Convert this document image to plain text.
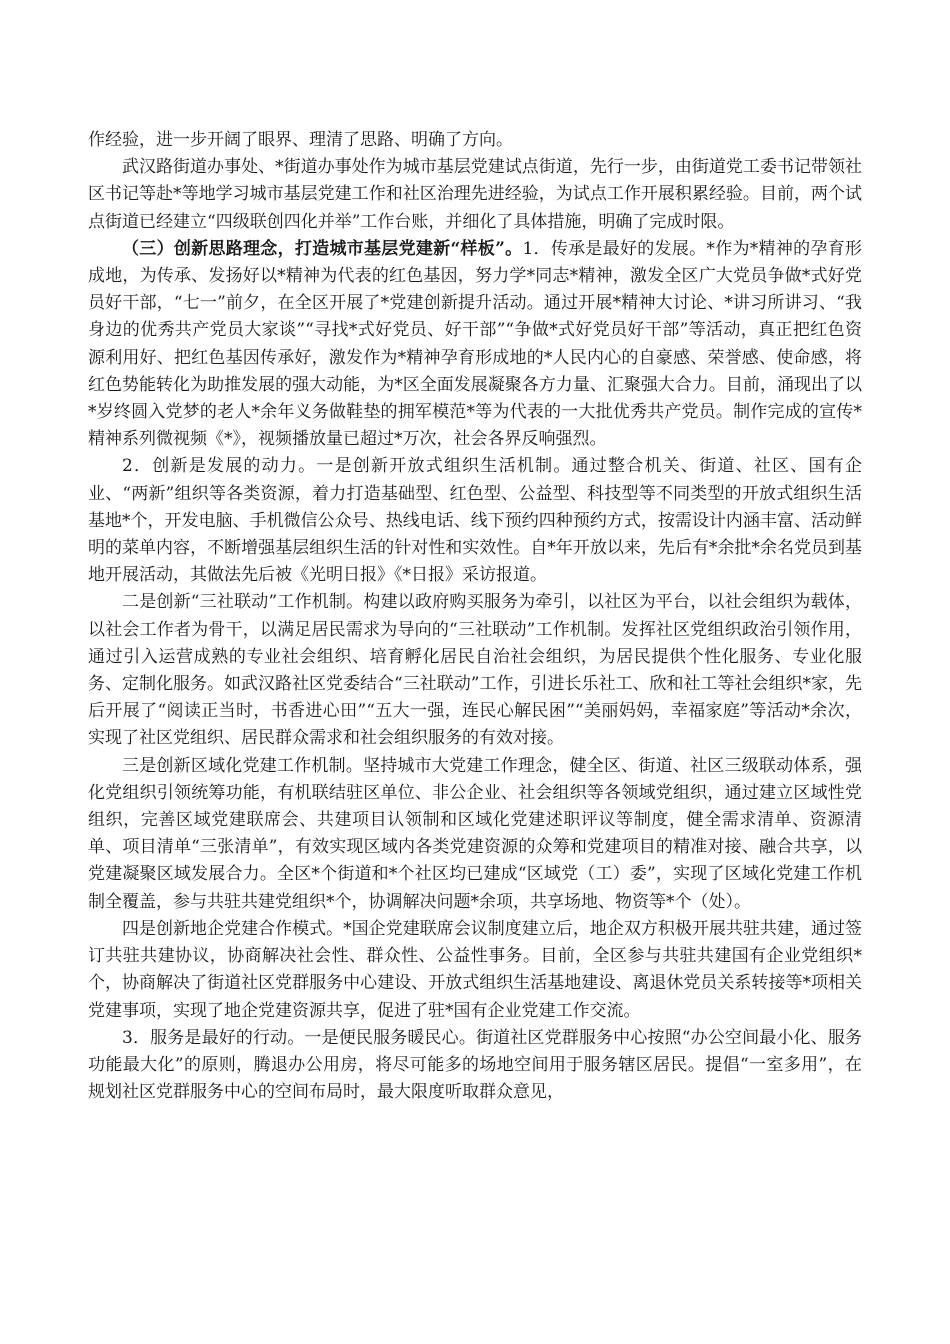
作经验，进一步开阔了眼界、理清了思路、明确了方向。

武汉路街道办事处、*街道办事处作为城市基层党建试点街道，先行一步，由街道党工委书记带领社区书记等赴*等地学习城市基层党建工作和社区治理先进经验，为试点工作开展积累经验。目前，两个试点街道已经建立“四级联创四化并举”工作台账，并细化了具体措施，明确了完成时限。

（三）创新思路理念，打造城市基层党建新“样板”。1．传承是最好的发展。*作为*精神的孕育形成地，为传承、发扬好以*精神为代表的红色基因，努力学*同志*精神，激发全区广大党员争做*式好党员好干部，“七一”前夕，在全区开展了*党建创新提升活动。通过开展*精神大讨论、*讲习所讲习、“我身边的优秀共产党员大家谈”“寻找*式好党员、好干部”“争做*式好党员好干部”等活动，真正把红色资源利用好、把红色基因传承好，激发作为*精神孕育形成地的*人民内心的自豪感、荣誉感、使命感，将红色势能转化为助推发展的强大动能，为*区全面发展凝聚各方力量、汇聚强大合力。目前，涌现出了以*岁终圆入党梦的老人*余年义务做鞋垫的拥军模范*等为代表的一大批优秀共产党员。制作完成的宣传*精神系列微视频《*》，视频播放量已超过*万次，社会各界反响强烈。

2．创新是发展的动力。一是创新开放式组织生活机制。通过整合机关、街道、社区、国有企业、“两新”组织等各类资源，着力打造基础型、红色型、公益型、科技型等不同类型的开放式组织生活基地*个，开发电脑、手机微信公众号、热线电话、线下预约四种预约方式，按需设计内涵丰富、活动鲜明的菜单内容，不断增强基层组织生活的针对性和实效性。自*年开放以来，先后有*余批*余名党员到基地开展活动，其做法先后被《光明日报》《*日报》采访报道。

二是创新“三社联动”工作机制。构建以政府购买服务为牵引，以社区为平台，以社会组织为载体，以社会工作者为骨干，以满足居民需求为导向的“三社联动”工作机制。发挥社区党组织政治引领作用，通过引入运营成熟的专业社会组织、培育孵化居民自治社会组织，为居民提供个性化服务、专业化服务、定制化服务。如武汉路社区党委结合“三社联动”工作，引进长乐社工、欣和社工等社会组织*家，先后开展了“阅读正当时，书香进心田”“五大一强，连民心解民困”“美丽妈妈，幸福家庭”等活动*余次，实现了社区党组织、居民群众需求和社会组织服务的有效对接。

三是创新区域化党建工作机制。坚持城市大党建工作理念，健全区、街道、社区三级联动体系，强化党组织引领统筹功能，有机联结驻区单位、非公企业、社会组织等各领域党组织，通过建立区域性党组织，完善区域党建联席会、共建项目认领制和区域化党建述职评议等制度，健全需求清单、资源清单、项目清单“三张清单”，有效实现区域内各类党建资源的众筹和党建项目的精准对接、融合共享，以党建凝聚区域发展合力。全区*个街道和*个社区均已建成“区域党（工）委”，实现了区域化党建工作机制全覆盖，参与共驻共建党组织*个，协调解决问题*余项，共享场地、物资等*个（处）。

四是创新地企党建合作模式。*国企党建联席会议制度建立后，地企双方积极开展共驻共建，通过签订共驻共建协议，协商解决社会性、群众性、公益性事务。目前，全区参与共驻共建国有企业党组织*个，协商解决了街道社区党群服务中心建设、开放式组织生活基地建设、离退休党员关系转接等*项相关党建事项，实现了地企党建资源共享，促进了驻*国有企业党建工作交流。

3．服务是最好的行动。一是便民服务暖民心。街道社区党群服务中心按照“办公空间最小化、服务功能最大化”的原则，腾退办公用房，将尽可能多的场地空间用于服务辖区居民。提倡“一室多用”，在规划社区党群服务中心的空间布局时，最大限度听取群众意见，
